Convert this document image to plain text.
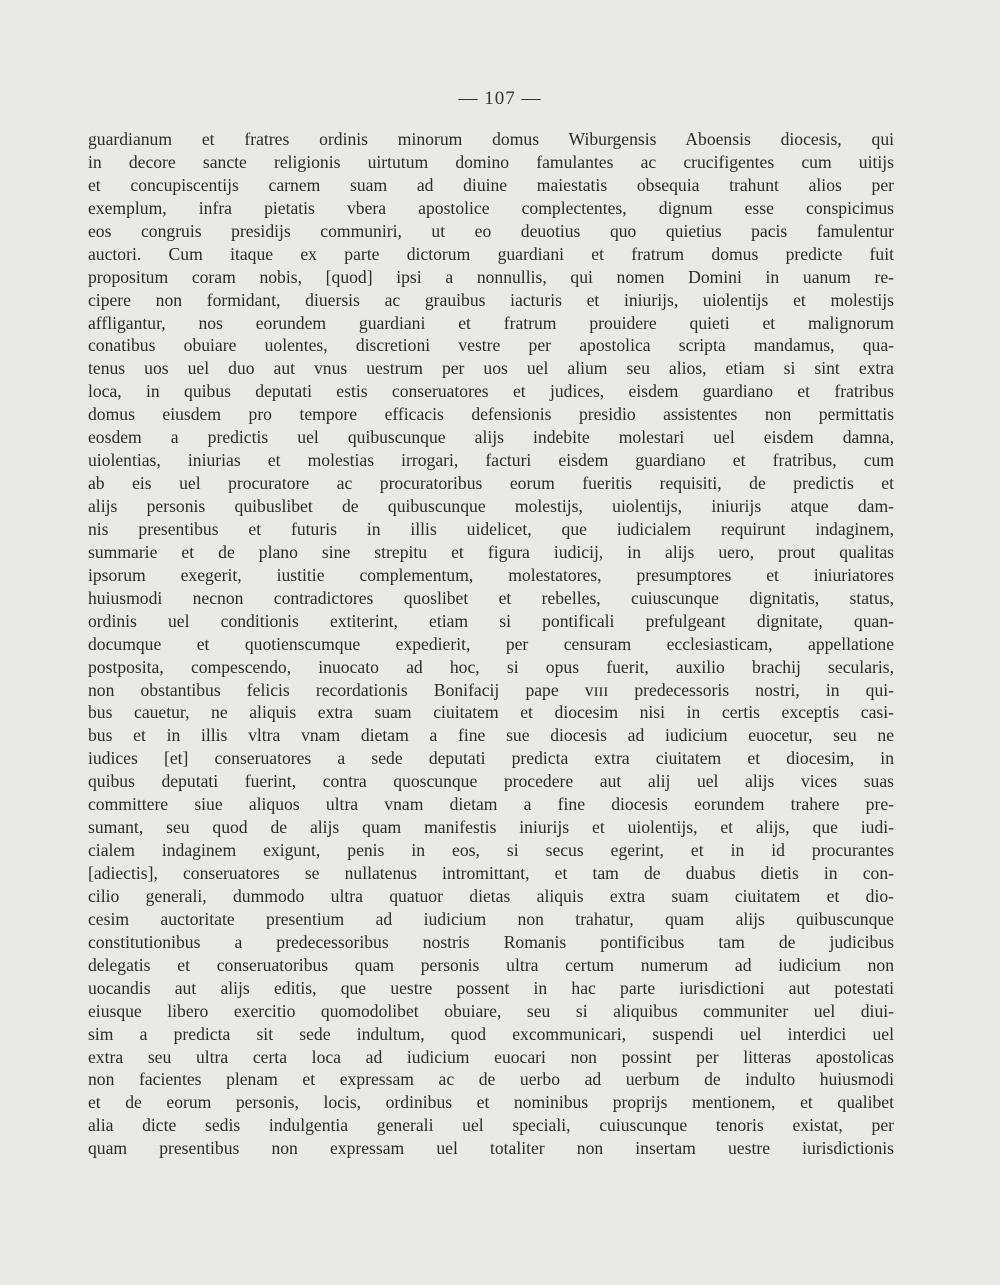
— 107 —
guardianum et fratres ordinis minorum domus Wiburgensis Aboensis diocesis, qui
in decore sancte religionis uirtutum domino famulantes ac crucifigentes cum uitijs
et concupiscentijs carnem suam ad diuine maiestatis obsequia trahunt alios per
exemplum, infra pietatis vbera apostolice complectentes, dignum esse conspicimus
eos congruis presidijs communiri, ut eo deuotius quo quietius pacis famulentur
auctori. Cum itaque ex parte dictorum guardiani et fratrum domus predicte fuit
propositum coram nobis, [quod] ipsi a nonnullis, qui nomen Domini in uanum re-
cipere non formidant, diuersis ac grauibus iacturis et iniurijs, uiolentijs et molestijs
affligantur, nos eorundem guardiani et fratrum prouidere quieti et malignorum
conatibus obuiare uolentes, discretioni vestre per apostolica scripta mandamus, qua-
tenus uos uel duo aut vnus uestrum per uos uel alium seu alios, etiam si sint extra
loca, in quibus deputati estis conseruatores et judices, eisdem guardiano et fratribus
domus eiusdem pro tempore efficacis defensionis presidio assistentes non permittatis
eosdem a predictis uel quibuscunque alijs indebite molestari uel eisdem damna,
uiolentias, iniurias et molestias irrogari, facturi eisdem guardiano et fratribus, cum
ab eis uel procuratore ac procuratoribus eorum fueritis requisiti, de predictis et
alijs personis quibuslibet de quibuscunque molestijs, uiolentijs, iniurijs atque dam-
nis presentibus et futuris in illis uidelicet, que iudicialem requirunt indaginem,
summarie et de plano sine strepitu et figura iudicij, in alijs uero, prout qualitas
ipsorum exegerit, iustitie complementum, molestatores, presumptores et iniuriatores
huiusmodi necnon contradictores quoslibet et rebelles, cuiuscunque dignitatis, status,
ordinis uel conditionis extiterint, etiam si pontificali prefulgeant dignitate, quan-
documque et quotienscumque expedierit, per censuram ecclesiasticam, appellatione
postposita, compescendo, inuocato ad hoc, si opus fuerit, auxilio brachij secularis,
non obstantibus felicis recordationis Bonifacij pape ᴠɪɪɪ predecessoris nostri, in qui-
bus cauetur, ne aliquis extra suam ciuitatem et diocesim nisi in certis exceptis casi-
bus et in illis vltra vnam dietam a fine sue diocesis ad iudicium euocetur, seu ne
iudices [et] conseruatores a sede deputati predicta extra ciuitatem et diocesim, in
quibus deputati fuerint, contra quoscunque procedere aut alij uel alijs vices suas
committere siue aliquos ultra vnam dietam a fine diocesis eorundem trahere pre-
sumant, seu quod de alijs quam manifestis iniurijs et uiolentijs, et alijs, que iudi-
cialem indaginem exigunt, penis in eos, si secus egerint, et in id procurantes
[adiectis], conseruatores se nullatenus intromittant, et tam de duabus dietis in con-
cilio generali, dummodo ultra quatuor dietas aliquis extra suam ciuitatem et dio-
cesim auctoritate presentium ad iudicium non trahatur, quam alijs quibuscunque
constitutionibus a predecessoribus nostris Romanis pontificibus tam de judicibus
delegatis et conseruatoribus quam personis ultra certum numerum ad iudicium non
uocandis aut alijs editis, que uestre possent in hac parte iurisdictioni aut potestati
eiusque libero exercitio quomodolibet obuiare, seu si aliquibus communiter uel diui-
sim a predicta sit sede indultum, quod excommunicari, suspendi uel interdici uel
extra seu ultra certa loca ad iudicium euocari non possint per litteras apostolicas
non facientes plenam et expressam ac de uerbo ad uerbum de indulto huiusmodi
et de eorum personis, locis, ordinibus et nominibus proprijs mentionem, et qualibet
alia dicte sedis indulgentia generali uel speciali, cuiuscunque tenoris existat, per
quam presentibus non expressam uel totaliter non insertam uestre iurisdictionis
